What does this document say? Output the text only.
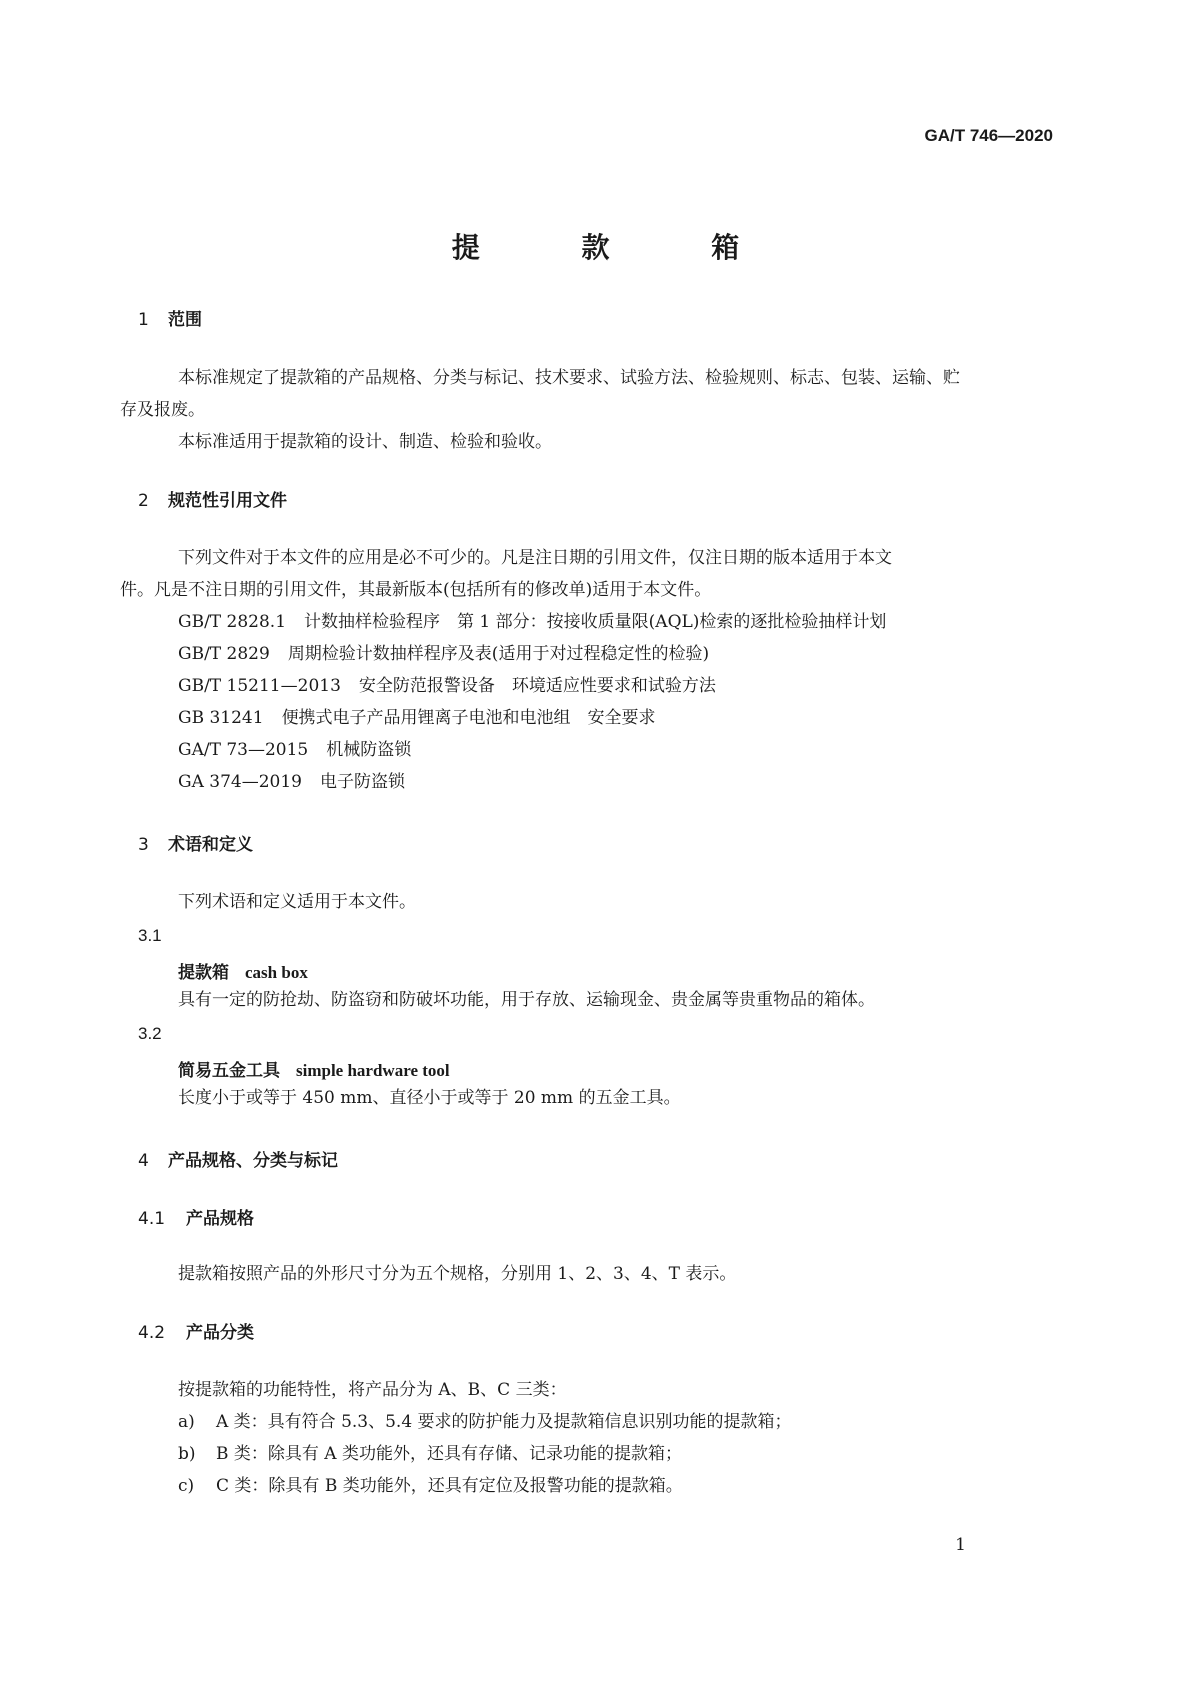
GA/T 746—2020
提 款 箱
1 范围
本标准规定了提款箱的产品规格、分类与标记、技术要求、试验方法、检验规则、标志、包装、运输、贮
存及报废。
本标准适用于提款箱的设计、制造、检验和验收。
2 规范性引用文件
下列文件对于本文件的应用是必不可少的。凡是注日期的引用文件，仅注日期的版本适用于本文
件。凡是不注日期的引用文件，其最新版本(包括所有的修改单)适用于本文件。
GB/T 2828.1 计数抽样检验程序　第 1 部分：按接收质量限(AQL)检索的逐批检验抽样计划
GB/T 2829 周期检验计数抽样程序及表(适用于对过程稳定性的检验)
GB/T 15211—2013 安全防范报警设备　环境适应性要求和试验方法
GB 31241 便携式电子产品用锂离子电池和电池组　安全要求
GA/T 73—2015 机械防盗锁
GA 374—2019 电子防盗锁
3 术语和定义
下列术语和定义适用于本文件。
3.1
提款箱 cash box
具有一定的防抢劫、防盗窃和防破坏功能，用于存放、运输现金、贵金属等贵重物品的箱体。
3.2
简易五金工具 simple hardware tool
长度小于或等于 450 mm、直径小于或等于 20 mm 的五金工具。
4 产品规格、分类与标记
4.1 产品规格
提款箱按照产品的外形尺寸分为五个规格，分别用 1、2、3、4、T 表示。
4.2 产品分类
按提款箱的功能特性，将产品分为 A、B、C 三类：
a) A 类：具有符合 5.3、5.4 要求的防护能力及提款箱信息识别功能的提款箱；
b) B 类：除具有 A 类功能外，还具有存储、记录功能的提款箱；
c) C 类：除具有 B 类功能外，还具有定位及报警功能的提款箱。
1
